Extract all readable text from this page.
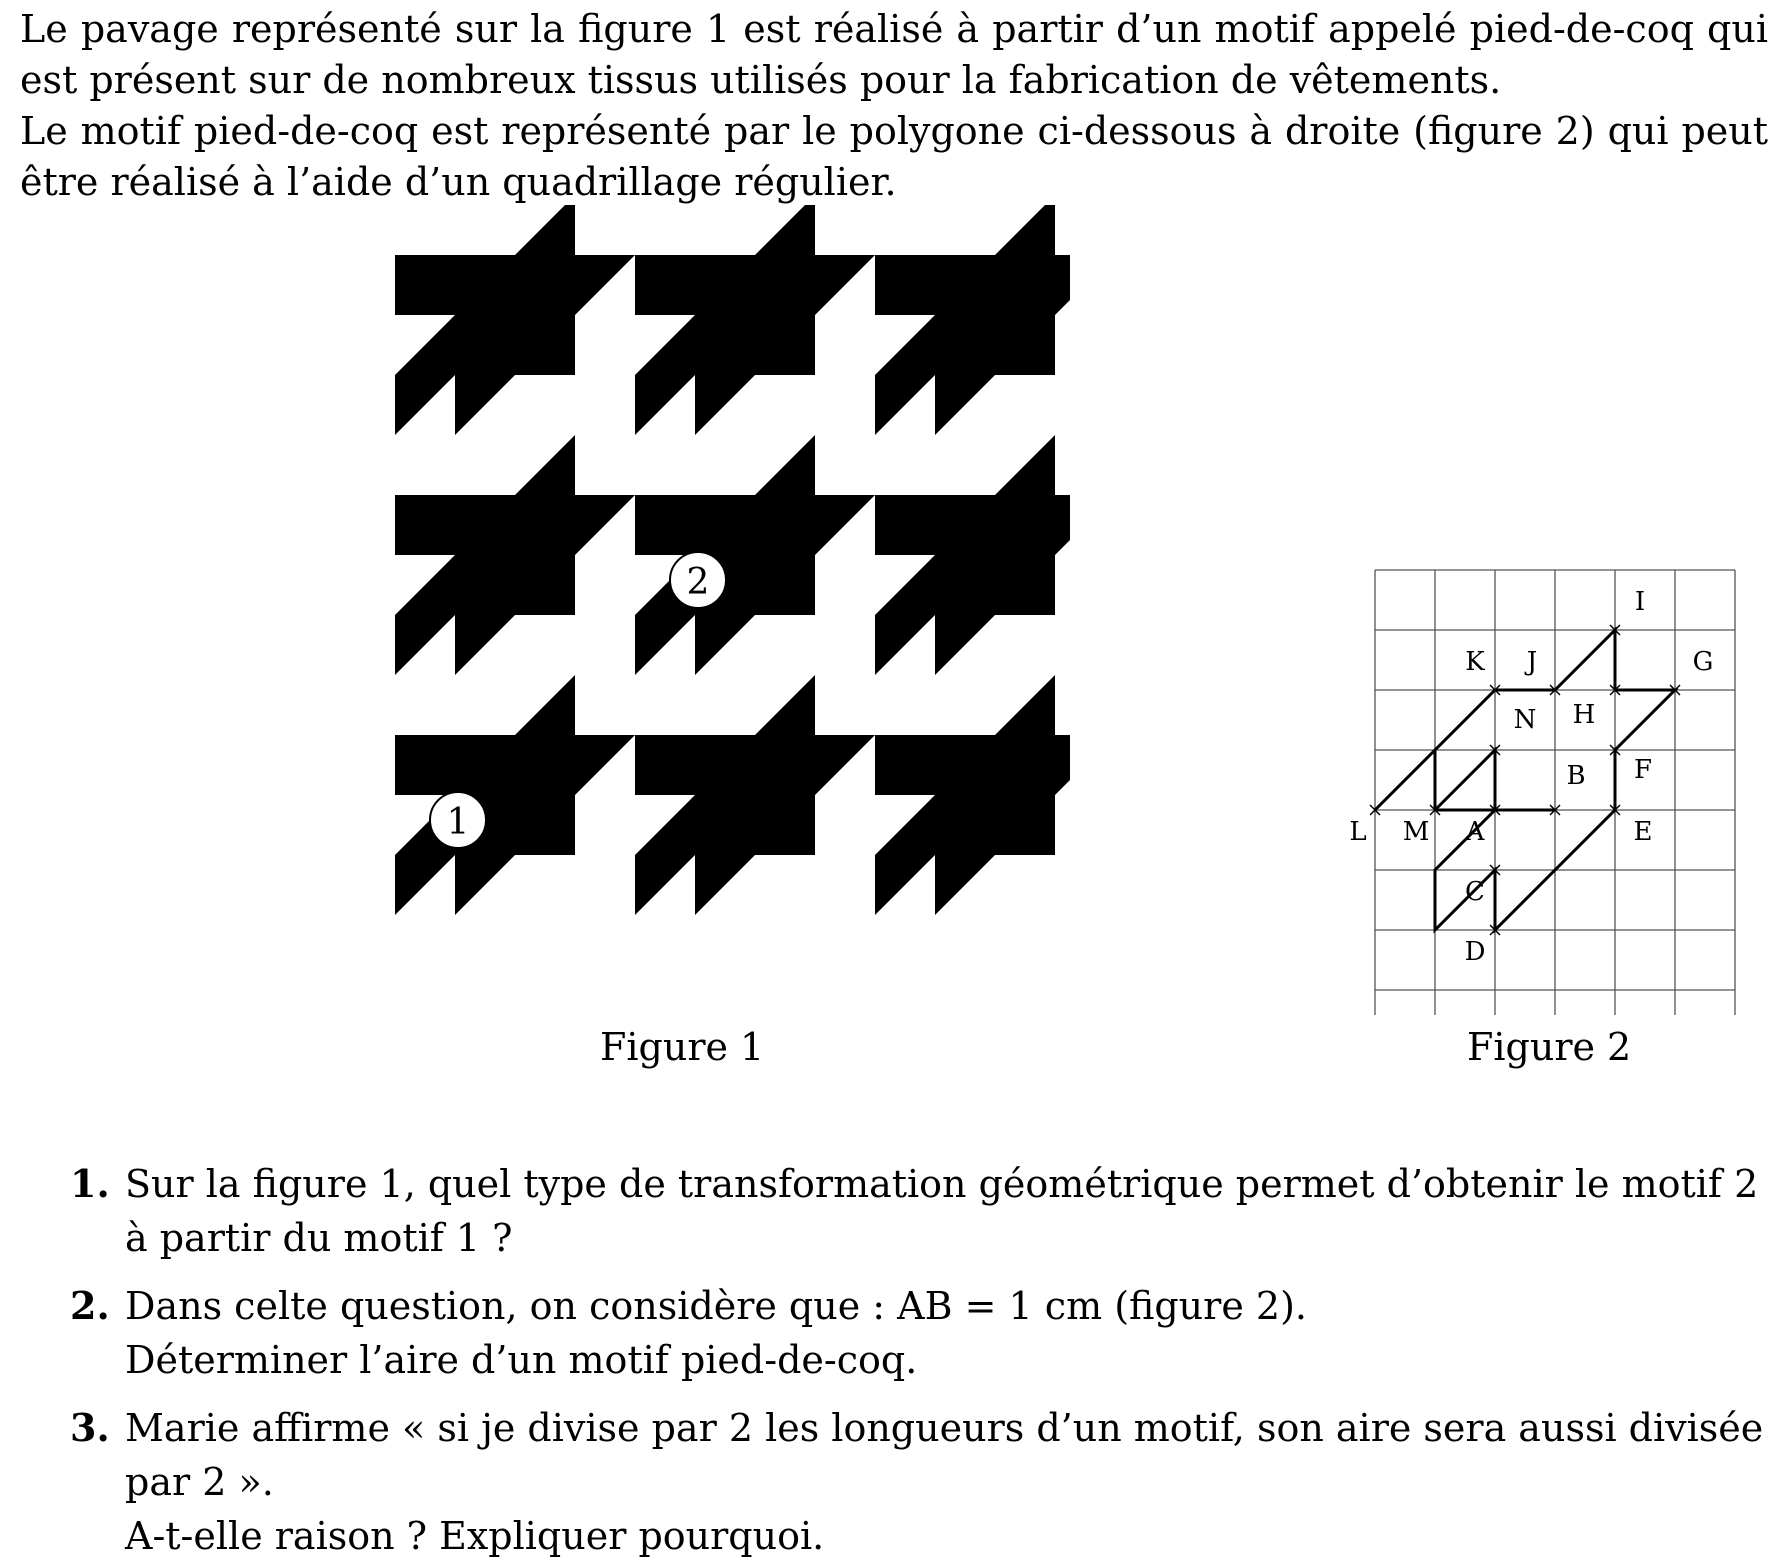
Le pavage représenté sur la figure 1 est réalisé à partir d’un motif appelé pied-de-coq qui est présent sur de nombreux tissus utilisés pour la fabrication de vêtements.

Le motif pied-de-coq est représenté par le polygone ci-dessous à droite (figure 2) qui peut être réalisé à l’aide d’un quadrillage régulier.

1
2
Figure 1
I
K J	G
N H
B F
L M A	E
C
D
Figure 2
1. Sur la figure 1, quel type de transformation géométrique permet d’obtenir le motif 2 à partir du motif 1 ?
2. Dans celte question, on considère que : AB = 1 cm (figure 2).
Déterminer l’aire d’un motif pied-de-coq.
3. Marie affirme « si je divise par 2 les longueurs d’un motif, son aire sera aussi divisée par 2 ».
A-t-elle raison ? Expliquer pourquoi.
